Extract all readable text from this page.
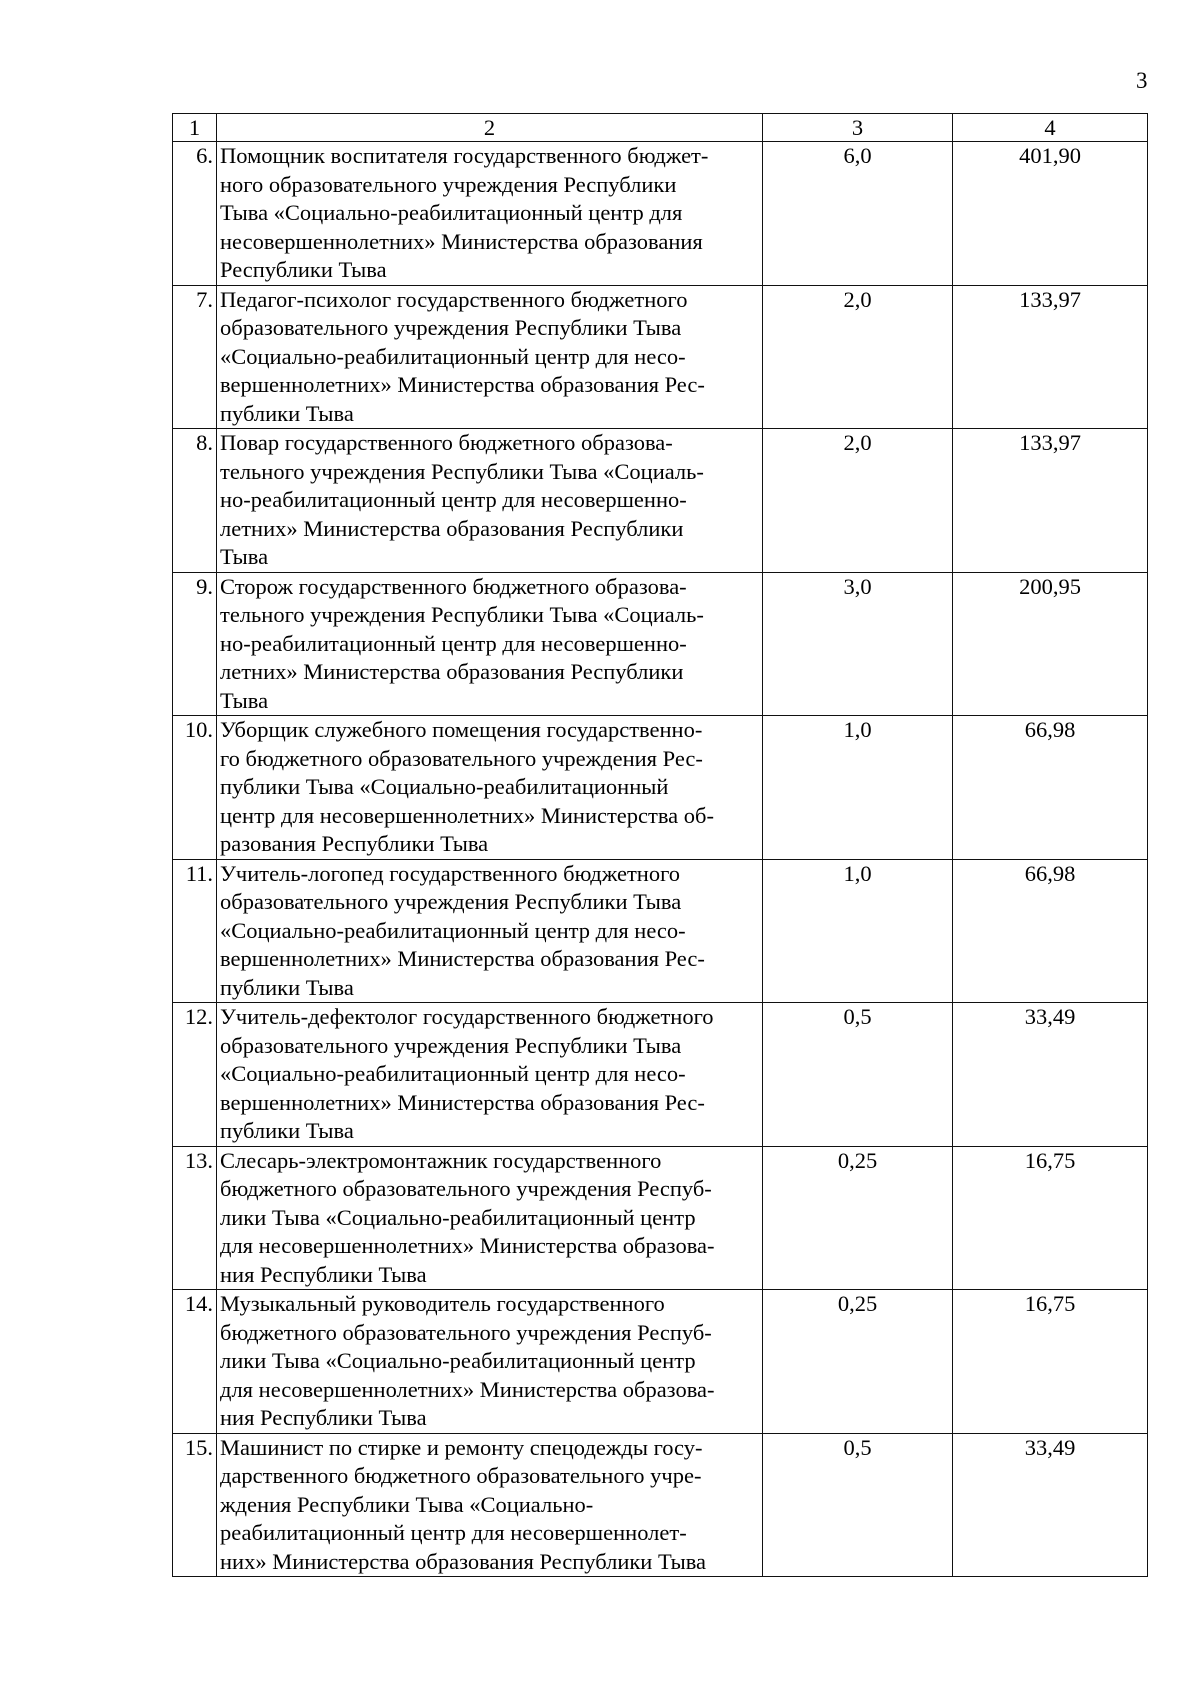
3
1	2	3	4
6.	Помощник воспитателя государственного бюджет-
ного образовательного учреждения Республики
Тыва «Социально-реабилитационный центр для
несовершеннолетних» Министерства образования
Республики Тыва	6,0	401,90
7.	Педагог-психолог государственного бюджетного
образовательного учреждения Республики Тыва
«Социально-реабилитационный центр для несо-
вершеннолетних» Министерства образования Рес-
публики Тыва	2,0	133,97
8.	Повар государственного бюджетного образова-
тельного учреждения Республики Тыва «Социаль-
но-реабилитационный центр для несовершенно-
летних» Министерства образования Республики
Тыва	2,0	133,97
9.	Сторож государственного бюджетного образова-
тельного учреждения Республики Тыва «Социаль-
но-реабилитационный центр для несовершенно-
летних» Министерства образования Республики
Тыва	3,0	200,95
10.	Уборщик служебного помещения государственно-
го бюджетного образовательного учреждения Рес-
публики Тыва «Социально-реабилитационный
центр для несовершеннолетних» Министерства об-
разования Республики Тыва	1,0	66,98
11.	Учитель-логопед государственного бюджетного
образовательного учреждения Республики Тыва
«Социально-реабилитационный центр для несо-
вершеннолетних» Министерства образования Рес-
публики Тыва	1,0	66,98
12.	Учитель-дефектолог государственного бюджетного
образовательного учреждения Республики Тыва
«Социально-реабилитационный центр для несо-
вершеннолетних» Министерства образования Рес-
публики Тыва	0,5	33,49
13.	Слесарь-электромонтажник государственного
бюджетного образовательного учреждения Респуб-
лики Тыва «Социально-реабилитационный центр
для несовершеннолетних» Министерства образова-
ния Республики Тыва	0,25	16,75
14.	Музыкальный руководитель государственного
бюджетного образовательного учреждения Респуб-
лики Тыва «Социально-реабилитационный центр
для несовершеннолетних» Министерства образова-
ния Республики Тыва	0,25	16,75
15.	Машинист по стирке и ремонту спецодежды госу-
дарственного бюджетного образовательного учре-
ждения Республики Тыва «Социально-
реабилитационный центр для несовершеннолет-
них» Министерства образования Республики Тыва	0,5	33,49
